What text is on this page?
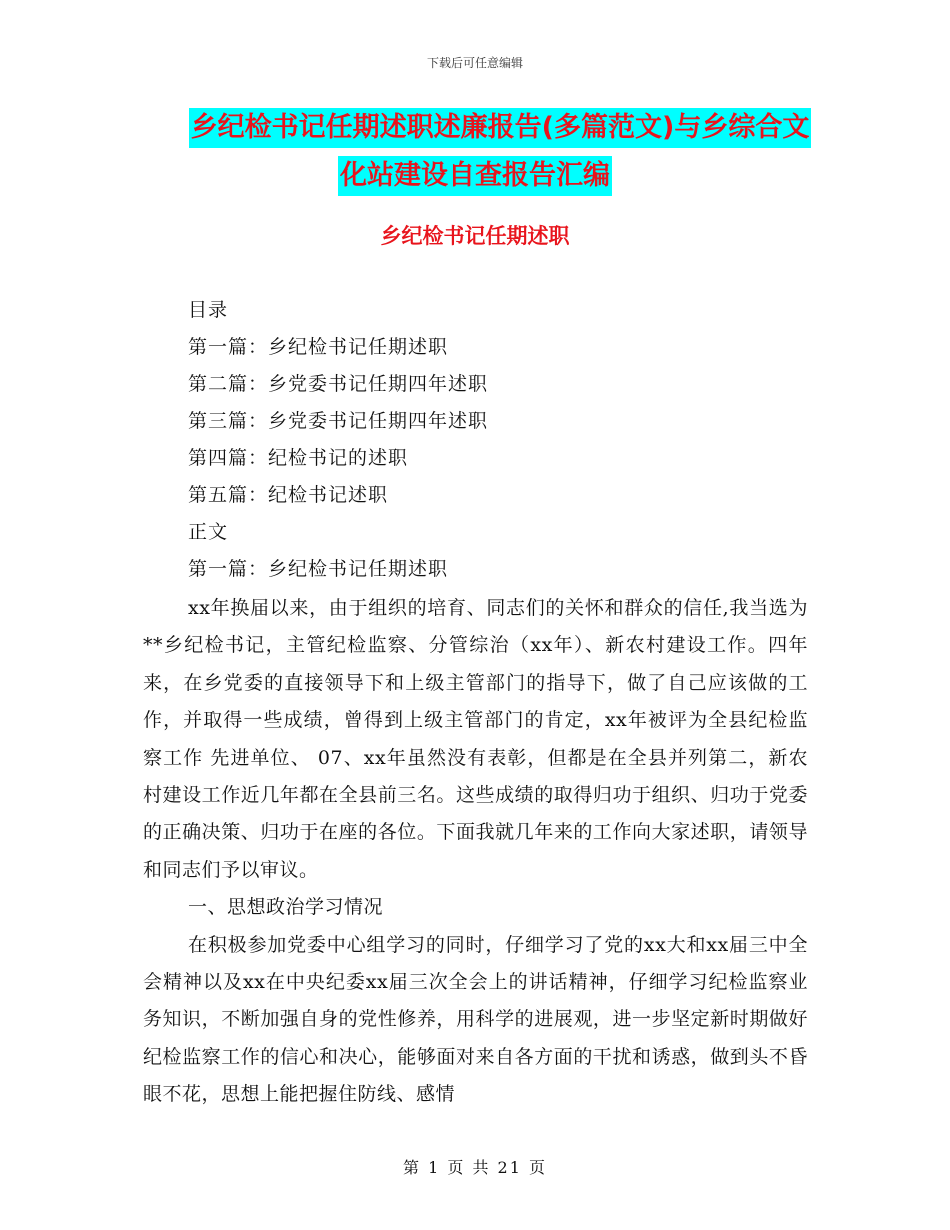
下载后可任意编辑
乡纪检书记任期述职述廉报告(多篇范文)与乡综合文
化站建设自查报告汇编
乡纪检书记任期述职
目录
第一篇：乡纪检书记任期述职
第二篇：乡党委书记任期四年述职
第三篇：乡党委书记任期四年述职
第四篇：纪检书记的述职
第五篇：纪检书记述职
正文
第一篇：乡纪检书记任期述职

xx年换届以来，由于组织的培育、同志们的关怀和群众的信任,我当选为**乡纪检书记，主管纪检监察、分管综治（xx年）、新农村建设工作。四年来，在乡党委的直接领导下和上级主管部门的指导下，做了自己应该做的工作，并取得一些成绩，曾得到上级主管部门的肯定，xx年被评为全县纪检监察工作 先进单位、 07、xx年虽然没有表彰，但都是在全县并列第二，新农村建设工作近几年都在全县前三名。这些成绩的取得归功于组织、归功于党委的正确决策、归功于在座的各位。下面我就几年来的工作向大家述职，请领导和同志们予以审议。

一、思想政治学习情况

在积极参加党委中心组学习的同时，仔细学习了党的xx大和xx届三中全会精神以及xx在中央纪委xx届三次全会上的讲话精神，仔细学习纪检监察业务知识，不断加强自身的党性修养，用科学的进展观，进一步坚定新时期做好纪检监察工作的信心和决心，能够面对来自各方面的干扰和诱惑，做到头不昏眼不花，思想上能把握住防线、感情

第 1 页 共 21 页
